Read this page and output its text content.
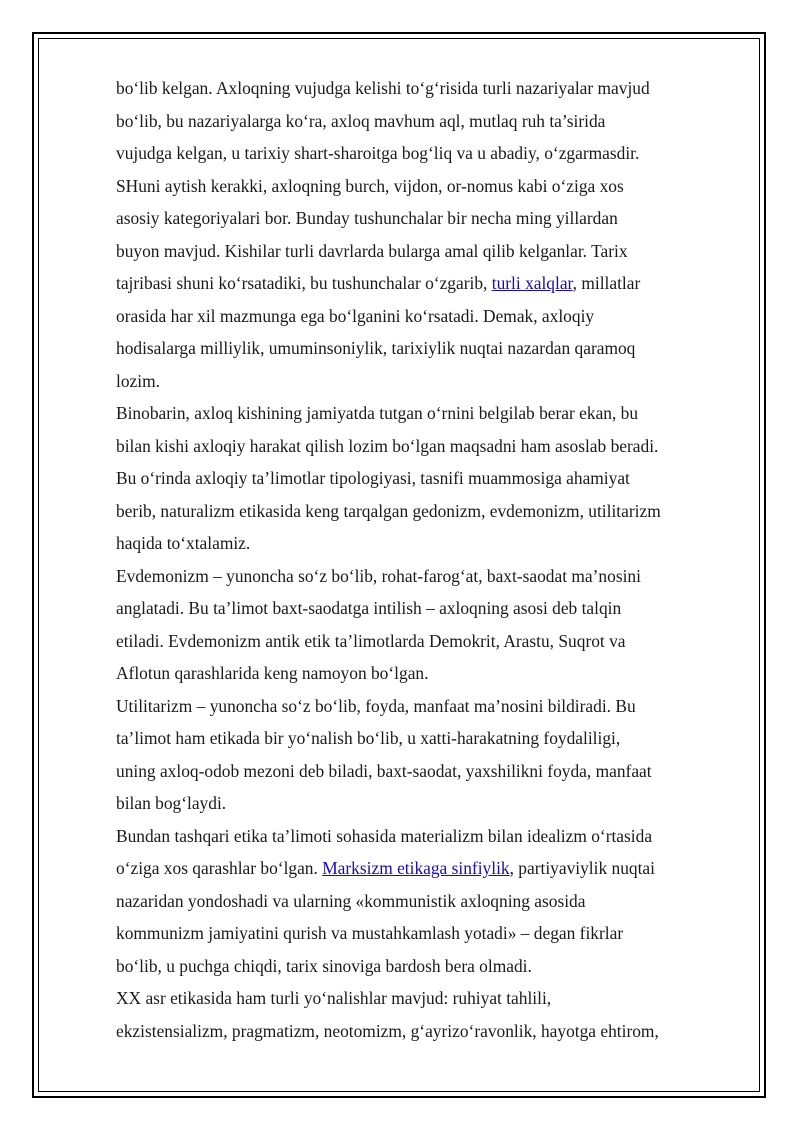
bo‘lib kelgan. Axloqning vujudga kelishi to‘g‘risida turli nazariyalar mavjud
bo‘lib, bu nazariyalarga ko‘ra, axloq mavhum aql, mutlaq ruh ta’sirida
vujudga kelgan, u tarixiy shart-sharoitga bog‘liq va u abadiy, o‘zgarmasdir.
SHuni aytish kerakki, axloqning burch, vijdon, or-nomus kabi o‘ziga xos
asosiy kategoriyalari bor. Bunday tushunchalar bir necha ming yillardan
buyon mavjud. Kishilar turli davrlarda bularga amal qilib kelganlar. Tarix
tajribasi shuni ko‘rsatadiki, bu tushunchalar o‘zgarib, turli xalqlar, millatlar
orasida har xil mazmunga ega bo‘lganini ko‘rsatadi. Demak, axloqiy
hodisalarga milliylik, umuminsoniylik, tarixiylik nuqtai nazardan qaramoq
lozim.
Binobarin, axloq kishining jamiyatda tutgan o‘rnini belgilab berar ekan, bu
bilan kishi axloqiy harakat qilish lozim bo‘lgan maqsadni ham asoslab beradi.
Bu o‘rinda axloqiy ta’limotlar tipologiyasi, tasnifi muammosiga ahamiyat
berib, naturalizm etikasida keng tarqalgan gedonizm, evdemonizm, utilitarizm
haqida to‘xtalamiz.
Evdemonizm – yunoncha so‘z bo‘lib, rohat-farog‘at, baxt-saodat ma’nosini
anglatadi. Bu ta’limot baxt-saodatga intilish – axloqning asosi deb talqin
etiladi. Evdemonizm antik etik ta’limotlarda Demokrit, Arastu, Suqrot va
Aflotun qarashlarida keng namoyon bo‘lgan.
Utilitarizm – yunoncha so‘z bo‘lib, foyda, manfaat ma’nosini bildiradi. Bu
ta’limot ham etikada bir yo‘nalish bo‘lib, u xatti-harakatning foydaliligi,
uning axloq-odob mezoni deb biladi, baxt-saodat, yaxshilikni foyda, manfaat
bilan bog‘laydi.
Bundan tashqari etika ta’limoti sohasida materializm bilan idealizm o‘rtasida
o‘ziga xos qarashlar bo‘lgan. Marksizm etikaga sinfiylik, partiyaviylik nuqtai
nazaridan yondoshadi va ularning «kommunistik axloqning asosida
kommunizm jamiyatini qurish va mustahkamlash yotadi» – degan fikrlar
bo‘lib, u puchga chiqdi, tarix sinoviga bardosh bera olmadi.
XX asr etikasida ham turli yo‘nalishlar mavjud: ruhiyat tahlili,
ekzistensializm, pragmatizm, neotomizm, g‘ayrizo‘ravonlik, hayotga ehtirom,
